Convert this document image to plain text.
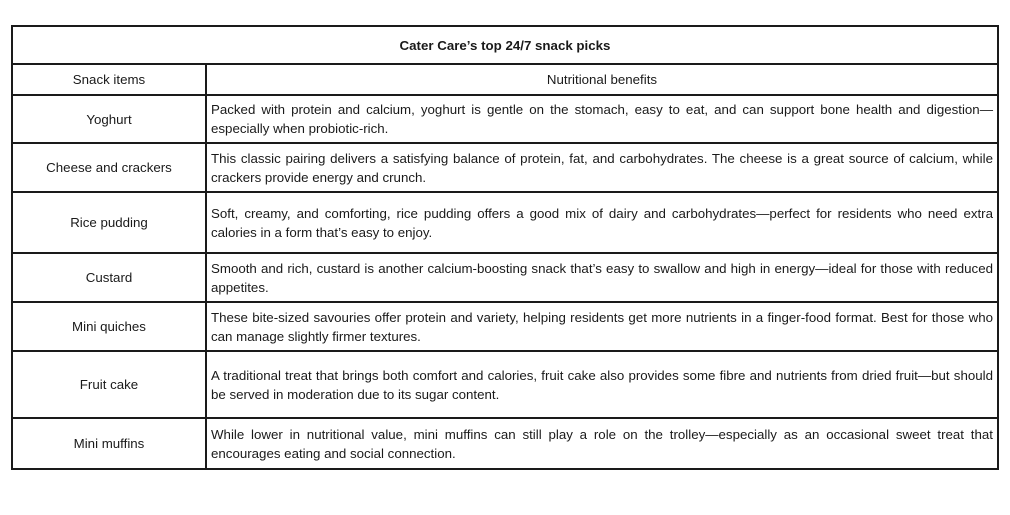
Cater Care’s top 24/7 snack picks	
Snack items	Nutritional benefits
Yoghurt	Packed with protein and calcium, yoghurt is gentle on the stomach, easy to eat, and can support bone health and digestion—especially when probiotic-rich.
Cheese and crackers	This classic pairing delivers a satisfying balance of protein, fat, and carbohydrates. The cheese is a great source of calcium, while crackers provide energy and crunch.
Rice pudding	Soft, creamy, and comforting, rice pudding offers a good mix of dairy and carbohydrates—perfect for residents who need extra calories in a form that’s easy to enjoy.
Custard	Smooth and rich, custard is another calcium-boosting snack that’s easy to swallow and high in energy—ideal for those with reduced appetites.
Mini quiches	These bite-sized savouries offer protein and variety, helping residents get more nutrients in a finger-food format. Best for those who can manage slightly firmer textures.
Fruit cake	A traditional treat that brings both comfort and calories, fruit cake also provides some fibre and nutrients from dried fruit—but should be served in moderation due to its sugar content.
Mini muffins	While lower in nutritional value, mini muffins can still play a role on the trolley—especially as an occasional sweet treat that encourages eating and social connection.
